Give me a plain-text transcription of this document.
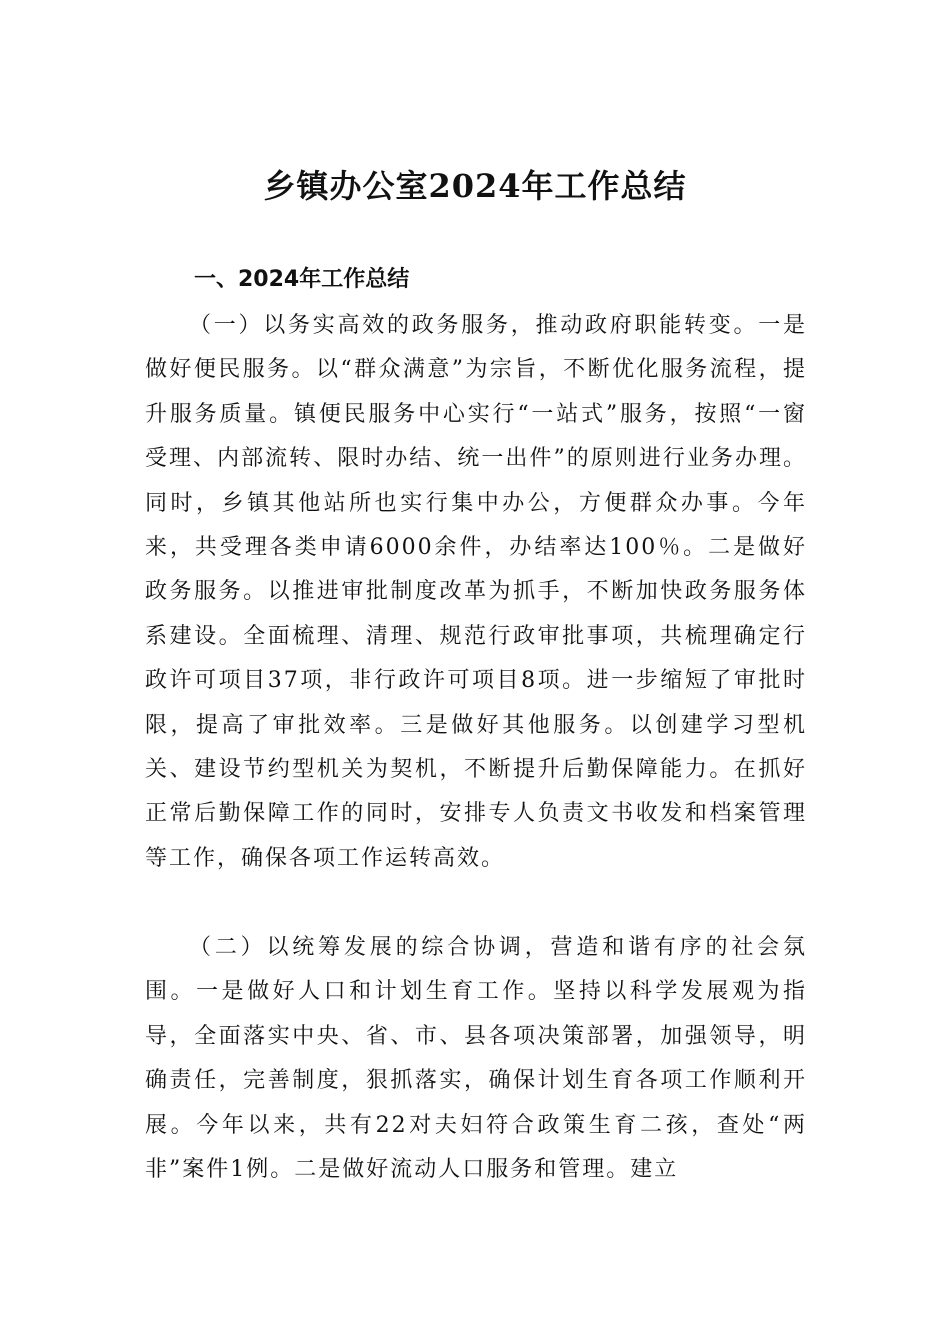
乡镇办公室2024年工作总结
一、2024年工作总结

（一）以务实高效的政务服务，推动政府职能转变。一是做好便民服务。以“群众满意”为宗旨，不断优化服务流程，提升服务质量。镇便民服务中心实行“一站式”服务，按照“一窗受理、内部流转、限时办结、统一出件”的原则进行业务办理。同时，乡镇其他站所也实行集中办公，方便群众办事。今年来，共受理各类申请6000余件，办结率达100％。二是做好政务服务。以推进审批制度改革为抓手，不断加快政务服务体系建设。全面梳理、清理、规范行政审批事项，共梳理确定行政许可项目37项，非行政许可项目8项。进一步缩短了审批时限，提高了审批效率。三是做好其他服务。以创建学习型机关、建设节约型机关为契机，不断提升后勤保障能力。在抓好正常后勤保障工作的同时，安排专人负责文书收发和档案管理等工作，确保各项工作运转高效。

（二）以统筹发展的综合协调，营造和谐有序的社会氛围。一是做好人口和计划生育工作。坚持以科学发展观为指导，全面落实中央、省、市、县各项决策部署，加强领导，明确责任，完善制度，狠抓落实，确保计划生育各项工作顺利开展。今年以来，共有22对夫妇符合政策生育二孩，查处“两非”案件1例。二是做好流动人口服务和管理。建立
